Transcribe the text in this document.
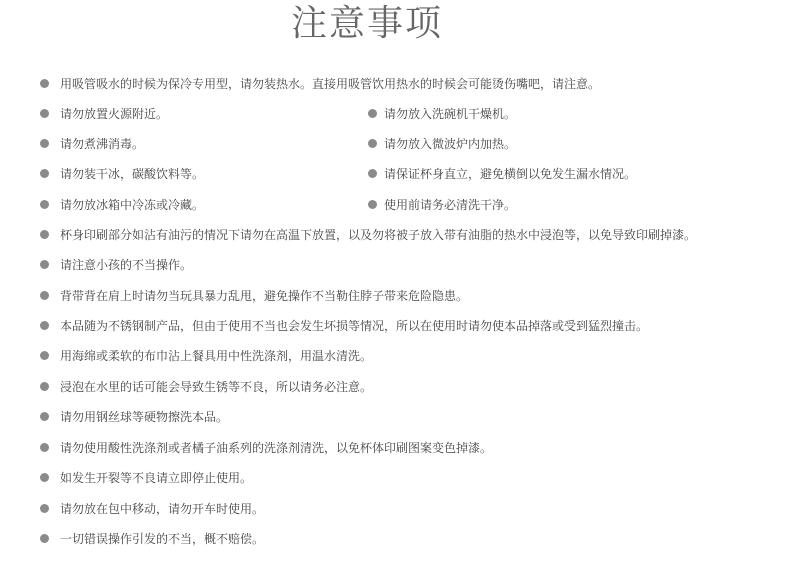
注意事项
用吸管吸水的时候为保冷专用型，请勿装热水。直接用吸管饮用热水的时候会可能烫伤嘴吧，请注意。
请勿放置火源附近。	请勿放入洗碗机干燥机。
请勿煮沸消毒。	请勿放入微波炉内加热。
请勿装干冰，碳酸饮料等。	请保证杯身直立，避免横倒以免发生漏水情况。
请勿放冰箱中冷冻或冷藏。	使用前请务必清洗干净。
杯身印刷部分如沾有油污的情况下请勿在高温下放置，以及勿将被子放入带有油脂的热水中浸泡等，以免导致印刷掉漆。
请注意小孩的不当操作。
背带背在肩上时请勿当玩具暴力乱甩，避免操作不当勒住脖子带来危险隐患。
本品随为不锈钢制产品，但由于使用不当也会发生坏损等情况，所以在使用时请勿使本品掉落或受到猛烈撞击。
用海绵或柔软的布巾沾上餐具用中性洗涤剂，用温水清洗。
浸泡在水里的话可能会导致生锈等不良，所以请务必注意。
请勿用钢丝球等硬物擦洗本品。
请勿使用酸性洗涤剂或者橘子油系列的洗涤剂清洗，以免杯体印刷图案变色掉漆。
如发生开裂等不良请立即停止使用。
请勿放在包中移动，请勿开车时使用。
一切错误操作引发的不当，概不赔偿。
